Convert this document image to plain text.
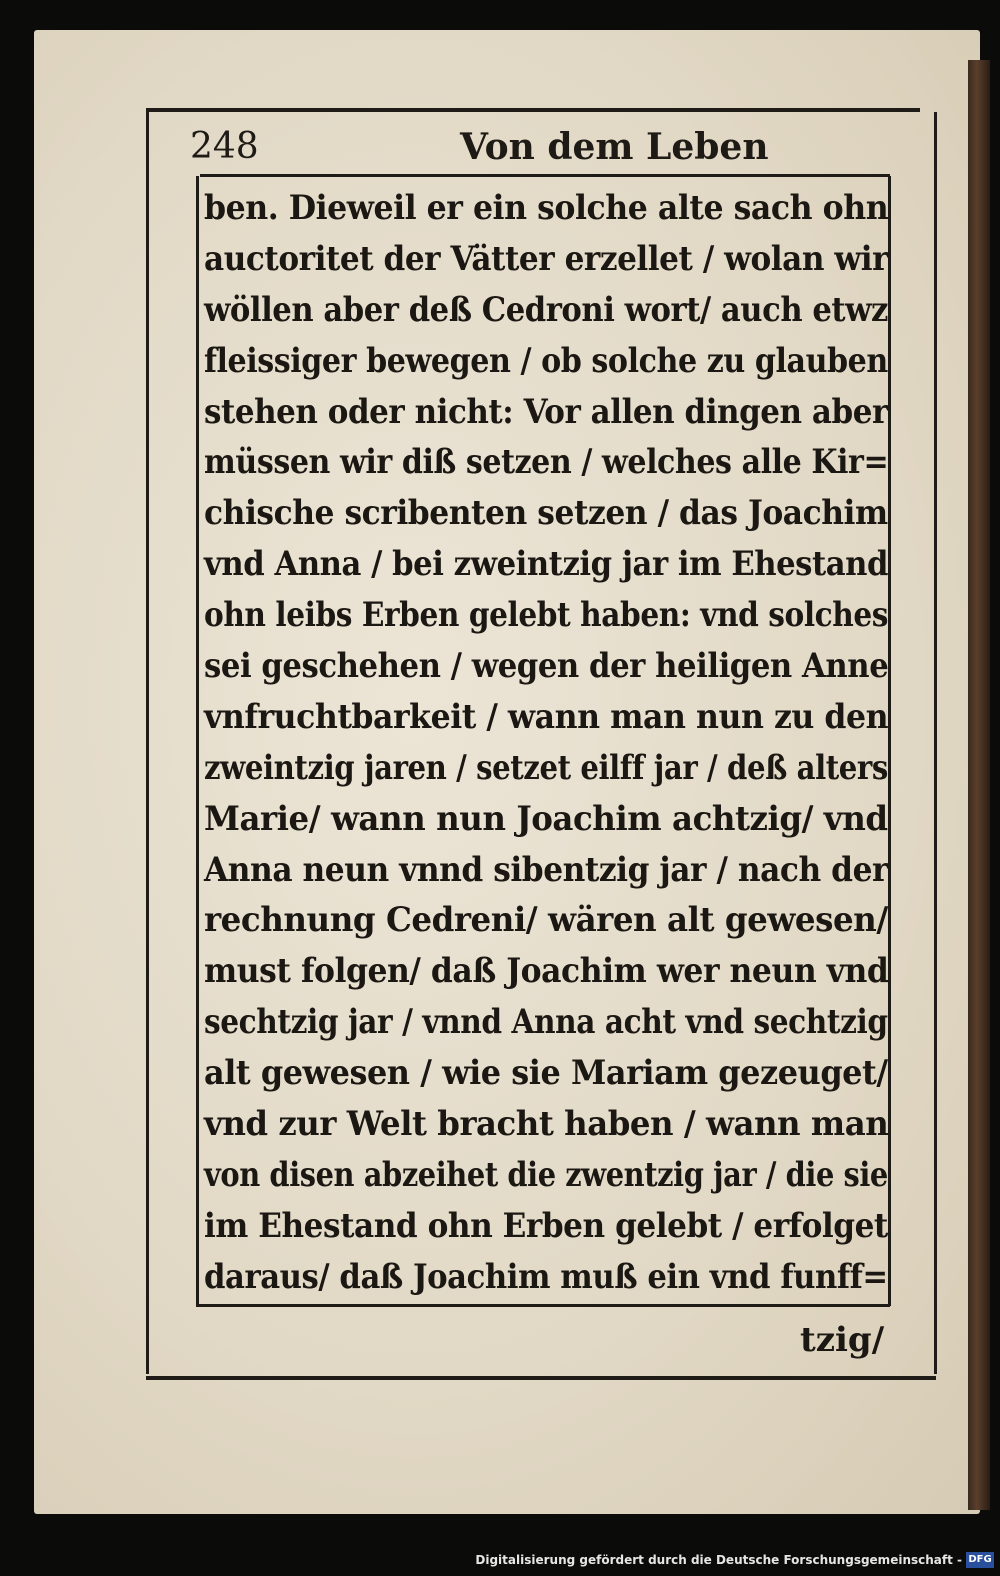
248	Von dem Leben
ben. Dieweil er ein solche alte sach ohn
auctoritet der Vätter erzellet / wolan wir
wöllen aber deß Cedroni wort/ auch etwz
fleissiger bewegen / ob solche zu glauben
stehen oder nicht: Vor allen dingen aber
müssen wir diß setzen / welches alle Kir=
chische scribenten setzen / das Joachim
vnd Anna / bei zweintzig jar im Ehestand
ohn leibs Erben gelebt haben: vnd solches
sei geschehen / wegen der heiligen Anne
vnfruchtbarkeit / wann man nun zu den
zweintzig jaren / setzet eilff jar / deß alters
Marie/ wann nun Joachim achtzig/ vnd
Anna neun vnnd sibentzig jar / nach der
rechnung Cedreni/ wären alt gewesen/
must folgen/ daß Joachim wer neun vnd
sechtzig jar / vnnd Anna acht vnd sechtzig
alt gewesen / wie sie Mariam gezeuget/
vnd zur Welt bracht haben / wann man
von disen abzeihet die zwentzig jar / die sie
im Ehestand ohn Erben gelebt / erfolget
daraus/ daß Joachim muß ein vnd funff=
tzig/
Digitalisierung gefördert durch die Deutsche Forschungsgemeinschaft - DFG
